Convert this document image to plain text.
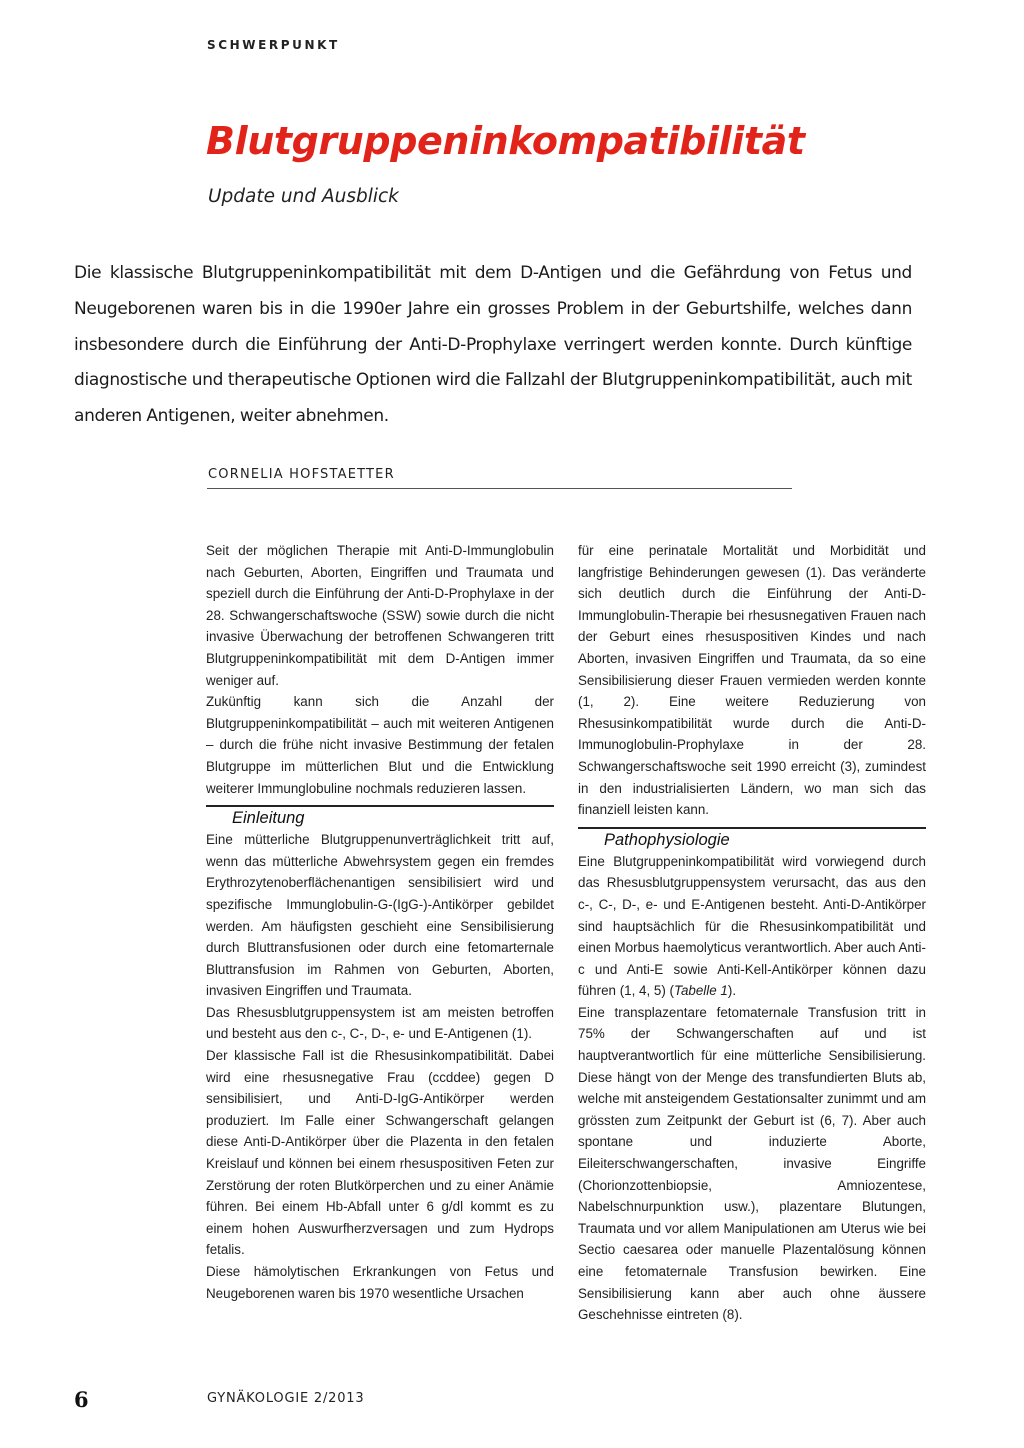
SCHWERPUNKT
Blutgruppeninkompatibilität
Update und Ausblick

Die klassische Blutgruppeninkompatibilität mit dem D-Antigen und die Gefährdung von Fetus und Neugeborenen waren bis in die 1990er Jahre ein grosses Problem in der Geburtshilfe, welches dann insbesondere durch die Einführung der Anti-D-Prophylaxe verringert werden konnte. Durch künftige diagnostische und therapeutische Optionen wird die Fallzahl der Blutgruppeninkompatibilität, auch mit anderen Antigenen, weiter abnehmen.

CORNELIA HOFSTAETTER

Seit der möglichen Therapie mit Anti-D-Immunglobulin nach Geburten, Aborten, Eingriffen und Traumata und speziell durch die Einführung der Anti-D-Prophylaxe in der 28. Schwangerschaftswoche (SSW) sowie durch die nicht invasive Überwachung der betroffenen Schwangeren tritt Blutgruppeninkompatibilität mit dem D-Antigen immer weniger auf.

Zukünftig kann sich die Anzahl der Blutgruppeninkompatibilität – auch mit weiteren Antigenen – durch die frühe nicht invasive Bestimmung der fetalen Blutgruppe im mütterlichen Blut und die Entwicklung weiterer Immunglobuline nochmals reduzieren lassen.

Einleitung

Eine mütterliche Blutgruppenunverträglichkeit tritt auf, wenn das mütterliche Abwehrsystem gegen ein fremdes Erythrozytenoberflächenantigen sensibilisiert wird und spezifische Immunglobulin-G-(IgG-)-Antikörper gebildet werden. Am häufigsten geschieht eine Sensibilisierung durch Bluttransfusionen oder durch eine fetomarternale Bluttransfusion im Rahmen von Geburten, Aborten, invasiven Eingriffen und Traumata.

Das Rhesusblutgruppensystem ist am meisten betroffen und besteht aus den c-, C-, D-, e- und E-Antigenen (1).

Der klassische Fall ist die Rhesusinkompatibilität. Dabei wird eine rhesusnegative Frau (ccddee) gegen D sensibilisiert, und Anti-D-IgG-Antikörper werden produziert. Im Falle einer Schwangerschaft gelangen diese Anti-D-Antikörper über die Plazenta in den fetalen Kreislauf und können bei einem rhesuspositiven Feten zur Zerstörung der roten Blutkörperchen und zu einer Anämie führen. Bei einem Hb-Abfall unter 6 g/dl kommt es zu einem hohen Auswurfherzversagen und zum Hydrops fetalis.

Diese hämolytischen Erkrankungen von Fetus und Neugeborenen waren bis 1970 wesentliche Ursachen

für eine perinatale Mortalität und Morbidität und langfristige Behinderungen gewesen (1). Das veränderte sich deutlich durch die Einführung der Anti-D-Immunglobulin-Therapie bei rhesusnegativen Frauen nach der Geburt eines rhesuspositiven Kindes und nach Aborten, invasiven Eingriffen und Traumata, da so eine Sensibilisierung dieser Frauen vermieden werden konnte (1, 2). Eine weitere Reduzierung von Rhesusinkompatibilität wurde durch die Anti-D-Immunoglobulin-Prophylaxe in der 28. Schwangerschaftswoche seit 1990 erreicht (3), zumindest in den industrialisierten Ländern, wo man sich das finanziell leisten kann.

Pathophysiologie

Eine Blutgruppeninkompatibilität wird vorwiegend durch das Rhesusblutgruppensystem verursacht, das aus den c-, C-, D-, e- und E-Antigenen besteht. Anti-D-Antikörper sind hauptsächlich für die Rhesusinkompatibilität und einen Morbus haemolyticus verantwortlich. Aber auch Anti-c und Anti-E sowie Anti-Kell-Antikörper können dazu führen (1, 4, 5) (Tabelle 1).

Eine transplazentare fetomaternale Transfusion tritt in 75% der Schwangerschaften auf und ist hauptverantwortlich für eine mütterliche Sensibilisierung. Diese hängt von der Menge des transfundierten Bluts ab, welche mit ansteigendem Gestationsalter zunimmt und am grössten zum Zeitpunkt der Geburt ist (6, 7). Aber auch spontane und induzierte Aborte, Eileiterschwangerschaften, invasive Eingriffe (Chorionzottenbiopsie, Amniozentese, Nabelschnurpunktion usw.), plazentare Blutungen, Traumata und vor allem Manipulationen am Uterus wie bei Sectio caesarea oder manuelle Plazentalösung können eine fetomaternale Transfusion bewirken. Eine Sensibilisierung kann aber auch ohne äussere Geschehnisse eintreten (8).

6	GYNÄKOLOGIE 2/2013
